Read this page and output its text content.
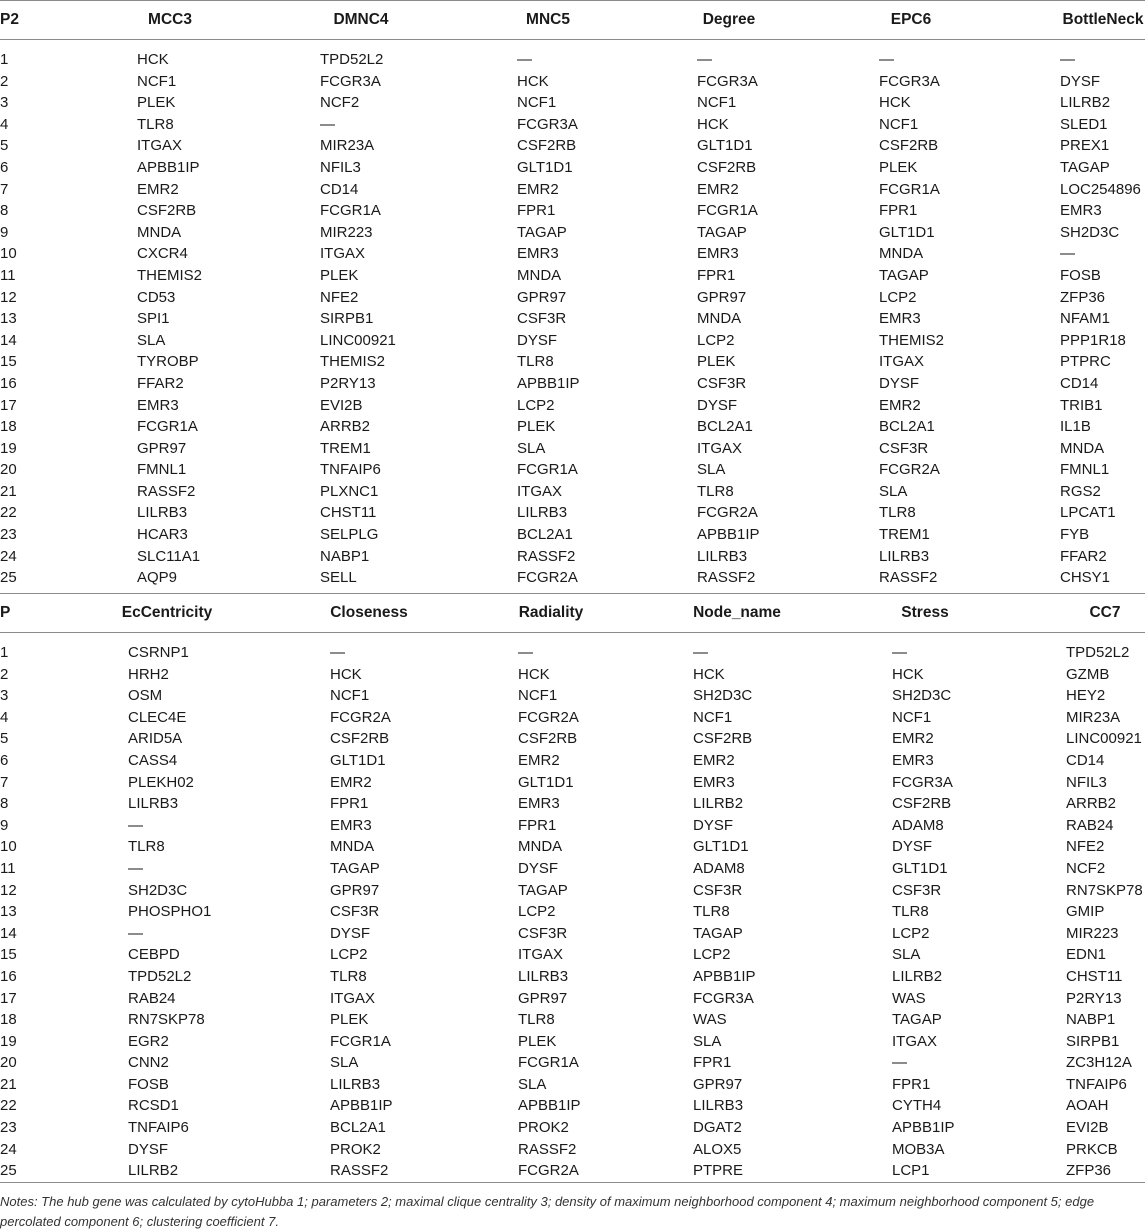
P2	MCC3	DMNC4	MNC5	Degree	EPC6	BottleNeck
1	HCK	TPD52L2	—	—	—	—
2	NCF1	FCGR3A	HCK	FCGR3A	FCGR3A	DYSF
3	PLEK	NCF2	NCF1	NCF1	HCK	LILRB2
4	TLR8	—	FCGR3A	HCK	NCF1	SLED1
5	ITGAX	MIR23A	CSF2RB	GLT1D1	CSF2RB	PREX1
6	APBB1IP	NFIL3	GLT1D1	CSF2RB	PLEK	TAGAP
7	EMR2	CD14	EMR2	EMR2	FCGR1A	LOC254896
8	CSF2RB	FCGR1A	FPR1	FCGR1A	FPR1	EMR3
9	MNDA	MIR223	TAGAP	TAGAP	GLT1D1	SH2D3C
10	CXCR4	ITGAX	EMR3	EMR3	MNDA	—
11	THEMIS2	PLEK	MNDA	FPR1	TAGAP	FOSB
12	CD53	NFE2	GPR97	GPR97	LCP2	ZFP36
13	SPI1	SIRPB1	CSF3R	MNDA	EMR3	NFAM1
14	SLA	LINC00921	DYSF	LCP2	THEMIS2	PPP1R18
15	TYROBP	THEMIS2	TLR8	PLEK	ITGAX	PTPRC
16	FFAR2	P2RY13	APBB1IP	CSF3R	DYSF	CD14
17	EMR3	EVI2B	LCP2	DYSF	EMR2	TRIB1
18	FCGR1A	ARRB2	PLEK	BCL2A1	BCL2A1	IL1B
19	GPR97	TREM1	SLA	ITGAX	CSF3R	MNDA
20	FMNL1	TNFAIP6	FCGR1A	SLA	FCGR2A	FMNL1
21	RASSF2	PLXNC1	ITGAX	TLR8	SLA	RGS2
22	LILRB3	CHST11	LILRB3	FCGR2A	TLR8	LPCAT1
23	HCAR3	SELPLG	BCL2A1	APBB1IP	TREM1	FYB
24	SLC11A1	NABP1	RASSF2	LILRB3	LILRB3	FFAR2
25	AQP9	SELL	FCGR2A	RASSF2	RASSF2	CHSY1
P	EcCentricity	Closeness	Radiality	Node_name	Stress	CC7
1	CSRNP1	—	—	—	—	TPD52L2
2	HRH2	HCK	HCK	HCK	HCK	GZMB
3	OSM	NCF1	NCF1	SH2D3C	SH2D3C	HEY2
4	CLEC4E	FCGR2A	FCGR2A	NCF1	NCF1	MIR23A
5	ARID5A	CSF2RB	CSF2RB	CSF2RB	EMR2	LINC00921
6	CASS4	GLT1D1	EMR2	EMR2	EMR3	CD14
7	PLEKH02	EMR2	GLT1D1	EMR3	FCGR3A	NFIL3
8	LILRB3	FPR1	EMR3	LILRB2	CSF2RB	ARRB2
9	—	EMR3	FPR1	DYSF	ADAM8	RAB24
10	TLR8	MNDA	MNDA	GLT1D1	DYSF	NFE2
11	—	TAGAP	DYSF	ADAM8	GLT1D1	NCF2
12	SH2D3C	GPR97	TAGAP	CSF3R	CSF3R	RN7SKP78
13	PHOSPHO1	CSF3R	LCP2	TLR8	TLR8	GMIP
14	—	DYSF	CSF3R	TAGAP	LCP2	MIR223
15	CEBPD	LCP2	ITGAX	LCP2	SLA	EDN1
16	TPD52L2	TLR8	LILRB3	APBB1IP	LILRB2	CHST11
17	RAB24	ITGAX	GPR97	FCGR3A	WAS	P2RY13
18	RN7SKP78	PLEK	TLR8	WAS	TAGAP	NABP1
19	EGR2	FCGR1A	PLEK	SLA	ITGAX	SIRPB1
20	CNN2	SLA	FCGR1A	FPR1	—	ZC3H12A
21	FOSB	LILRB3	SLA	GPR97	FPR1	TNFAIP6
22	RCSD1	APBB1IP	APBB1IP	LILRB3	CYTH4	AOAH
23	TNFAIP6	BCL2A1	PROK2	DGAT2	APBB1IP	EVI2B
24	DYSF	PROK2	RASSF2	ALOX5	MOB3A	PRKCB
25	LILRB2	RASSF2	FCGR2A	PTPRE	LCP1	ZFP36
Notes: The hub gene was calculated by cytoHubba 1; parameters 2; maximal clique centrality 3; density of maximum neighborhood component 4; maximum neighborhood component 5; edge percolated component 6; clustering coefficient 7.
